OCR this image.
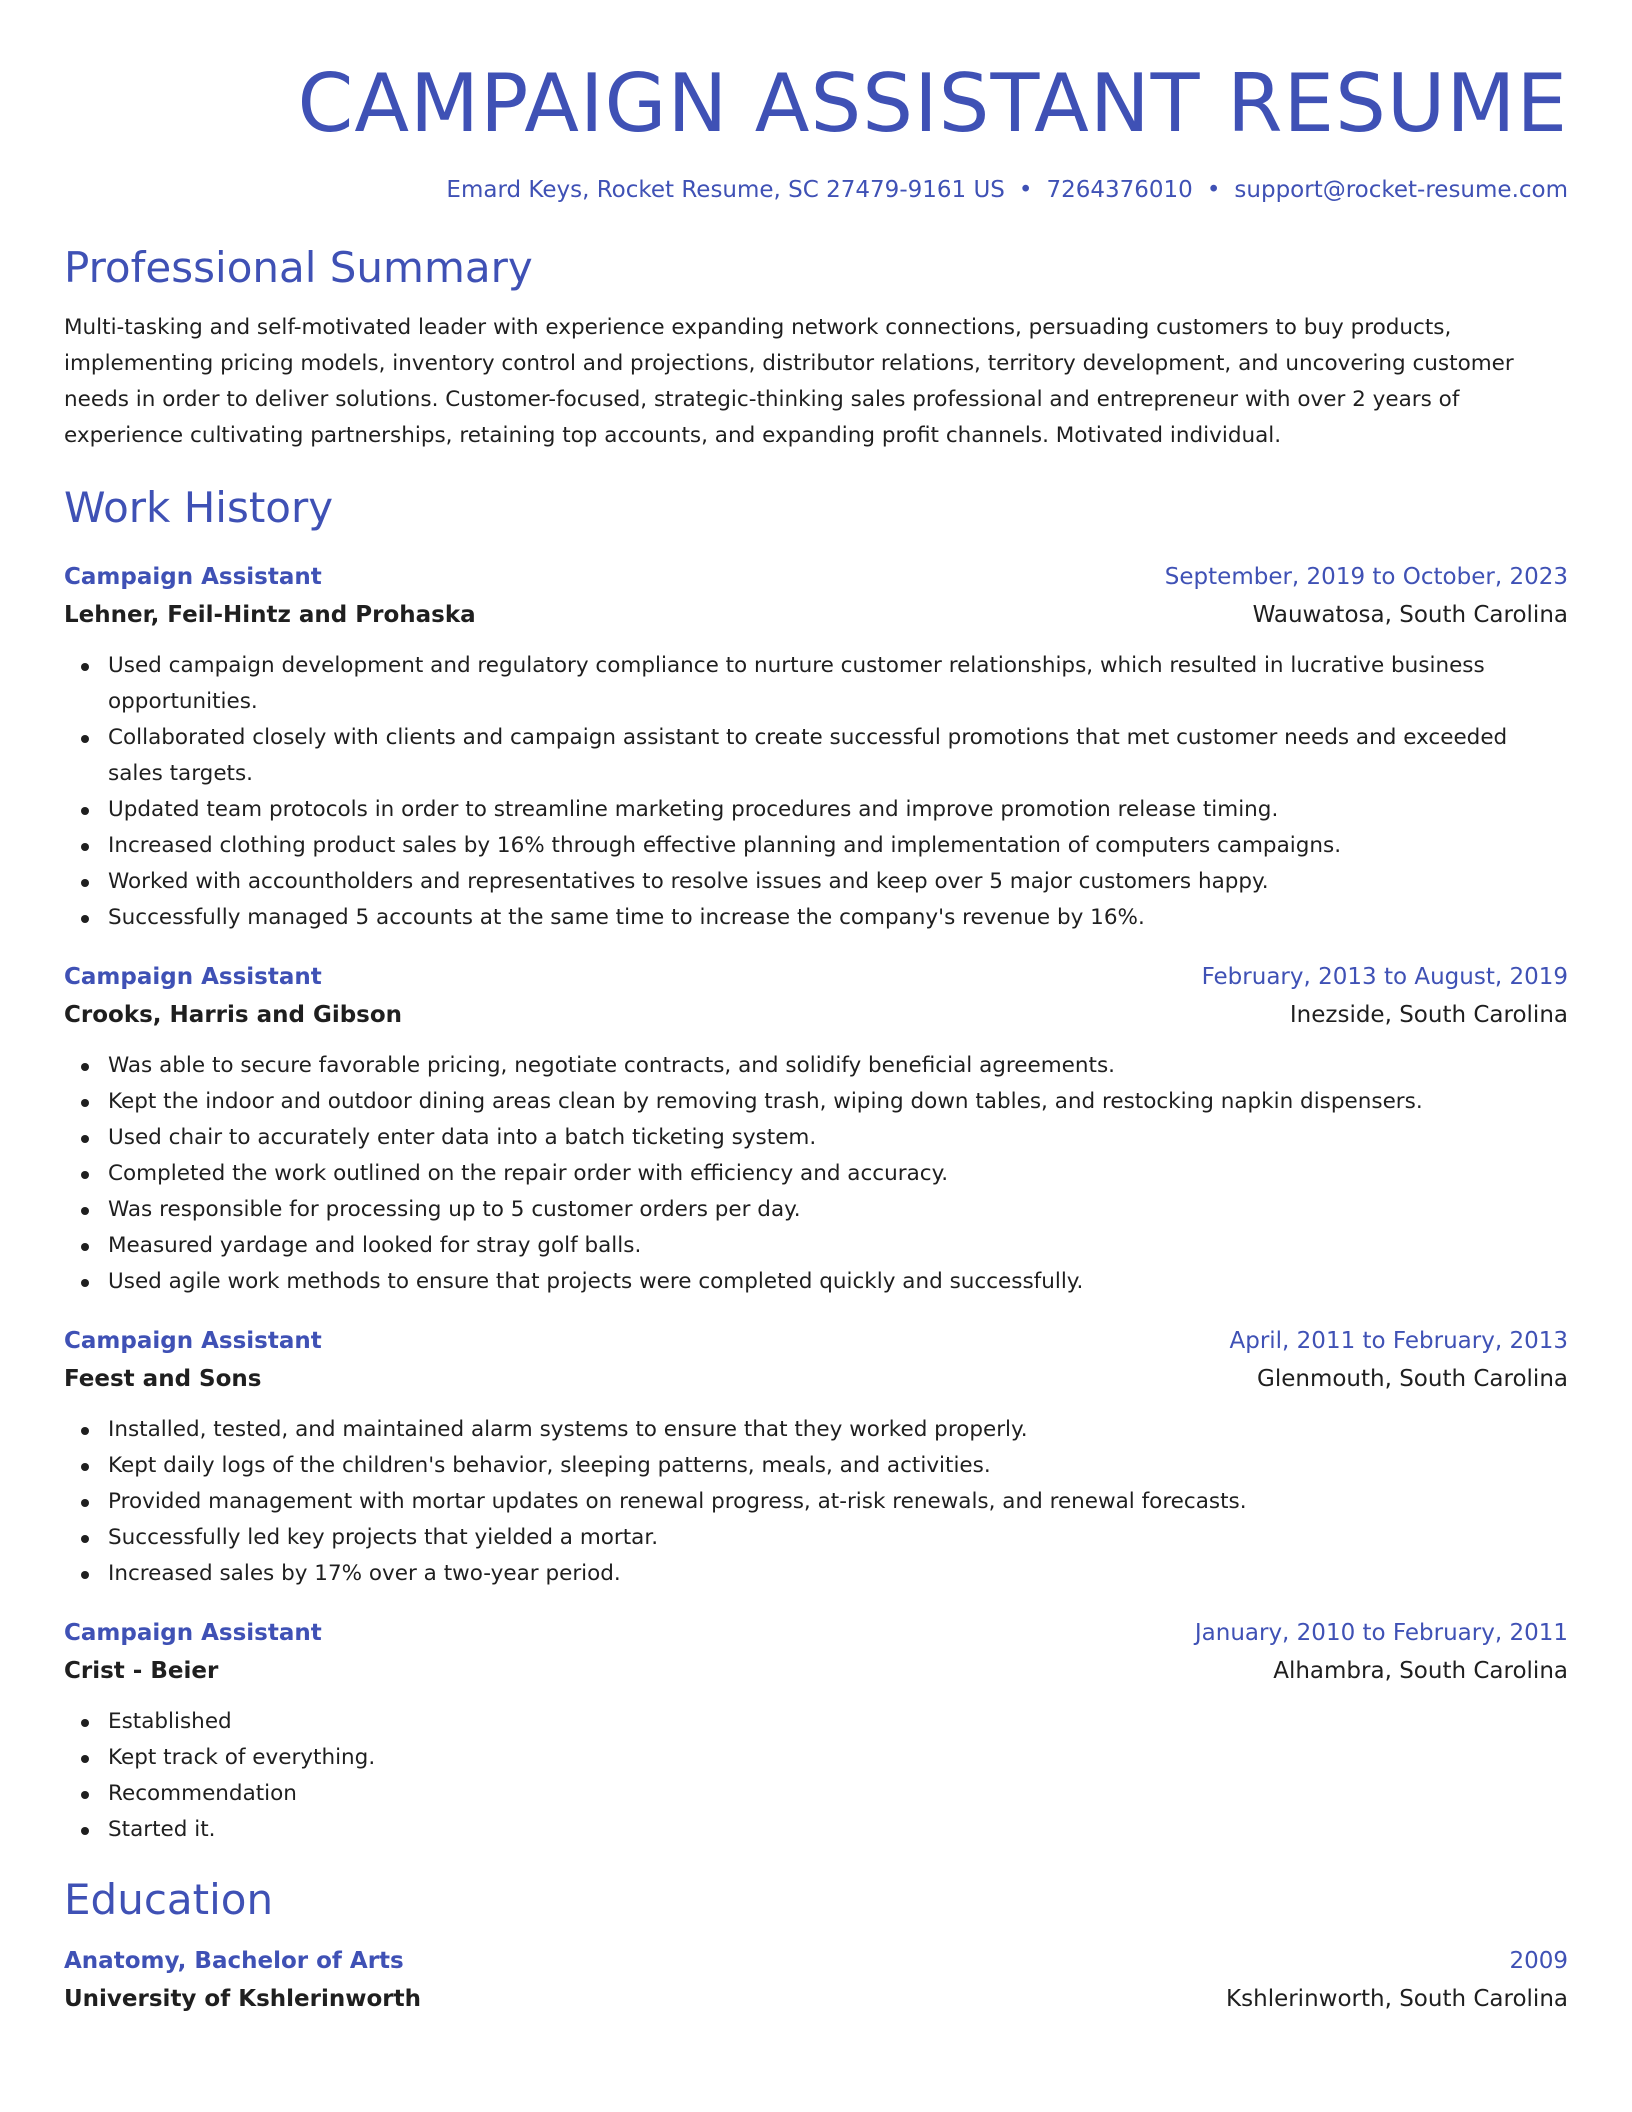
CAMPAIGN ASSISTANT RESUME
Emard Keys, Rocket Resume, SC 27479-9161 US • 7264376010 • support@rocket-resume.com
Professional Summary

Multi-tasking and self-motivated leader with experience expanding network connections, persuading customers to buy products, implementing pricing models, inventory control and projections, distributor relations, territory development, and uncovering customer needs in order to deliver solutions. Customer-focused, strategic-thinking sales professional and entrepreneur with over 2 years of experience cultivating partnerships, retaining top accounts, and expanding profit channels. Motivated individual.

Work History
Campaign Assistant	September, 2019 to October, 2023
Lehner, Feil-Hintz and Prohaska	Wauwatosa, South Carolina
Used campaign development and regulatory compliance to nurture customer relationships, which resulted in lucrative business opportunities.
Collaborated closely with clients and campaign assistant to create successful promotions that met customer needs and exceeded sales targets.
Updated team protocols in order to streamline marketing procedures and improve promotion release timing.
Increased clothing product sales by 16% through effective planning and implementation of computers campaigns.
Worked with accountholders and representatives to resolve issues and keep over 5 major customers happy.
Successfully managed 5 accounts at the same time to increase the company's revenue by 16%.
Campaign Assistant	February, 2013 to August, 2019
Crooks, Harris and Gibson	Inezside, South Carolina
Was able to secure favorable pricing, negotiate contracts, and solidify beneficial agreements.
Kept the indoor and outdoor dining areas clean by removing trash, wiping down tables, and restocking napkin dispensers.
Used chair to accurately enter data into a batch ticketing system.
Completed the work outlined on the repair order with efficiency and accuracy.
Was responsible for processing up to 5 customer orders per day.
Measured yardage and looked for stray golf balls.
Used agile work methods to ensure that projects were completed quickly and successfully.
Campaign Assistant	April, 2011 to February, 2013
Feest and Sons	Glenmouth, South Carolina
Installed, tested, and maintained alarm systems to ensure that they worked properly.
Kept daily logs of the children's behavior, sleeping patterns, meals, and activities.
Provided management with mortar updates on renewal progress, at-risk renewals, and renewal forecasts.
Successfully led key projects that yielded a mortar.
Increased sales by 17% over a two-year period.
Campaign Assistant	January, 2010 to February, 2011
Crist - Beier	Alhambra, South Carolina
Established
Kept track of everything.
Recommendation
Started it.
Education
Anatomy, Bachelor of Arts	2009
University of Kshlerinworth	Kshlerinworth, South Carolina
